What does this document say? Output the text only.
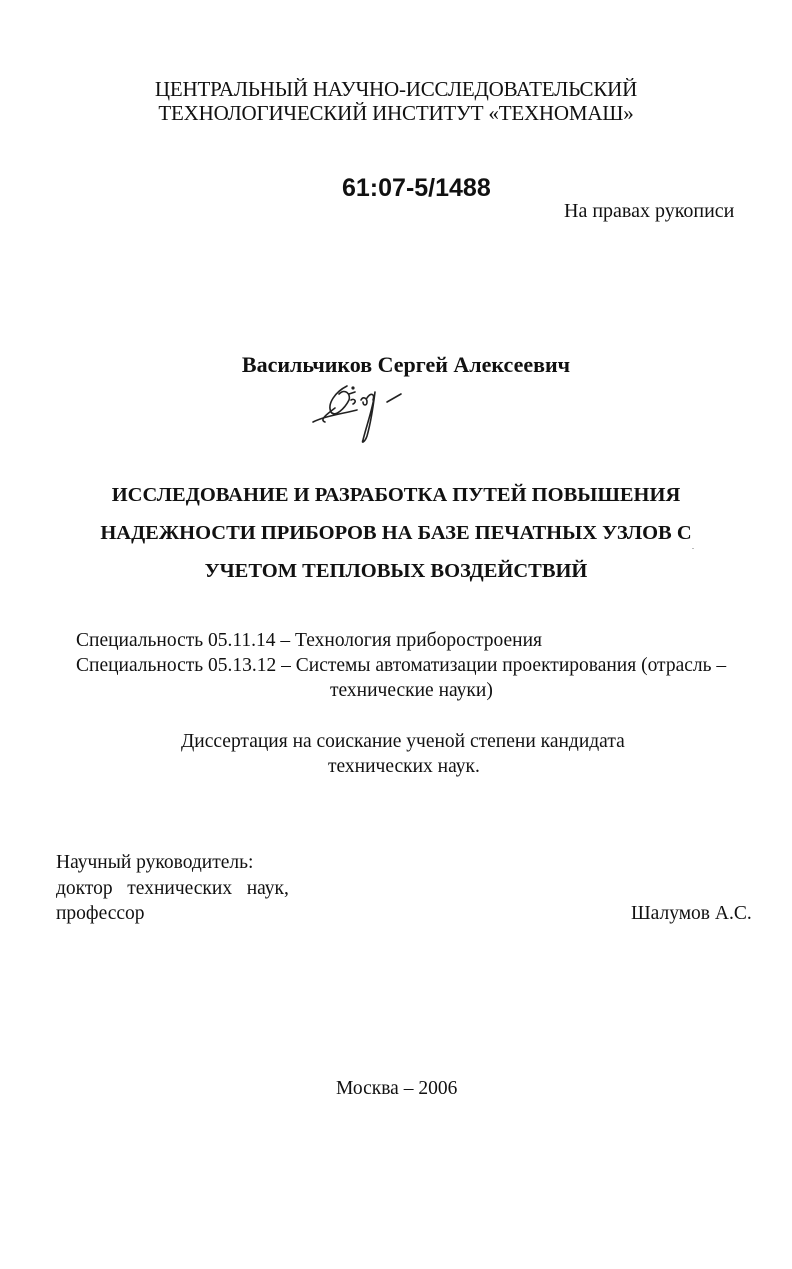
ЦЕНТРАЛЬНЫЙ НАУЧНО-ИССЛЕДОВАТЕЛЬСКИЙ
ТЕХНОЛОГИЧЕСКИЙ ИНСТИТУТ «ТЕХНОМАШ»
61:07-5/1488
На правах рукописи
Васильчиков Сергей Алексеевич
ИССЛЕДОВАНИЕ И РАЗРАБОТКА ПУТЕЙ ПОВЫШЕНИЯ
НАДЕЖНОСТИ ПРИБОРОВ НА БАЗЕ ПЕЧАТНЫХ УЗЛОВ С
УЧЕТОМ ТЕПЛОВЫХ ВОЗДЕЙСТВИЙ
Специальность 05.11.14 – Технология приборостроения
Специальность 05.13.12 – Системы автоматизации проектирования (отрасль –
технические науки)
Диссертация на соискание ученой степени кандидата
технических наук.
Научный руководитель:
доктор   технических   наук,
профессор	Шалумов А.С.
Москва – 2006
